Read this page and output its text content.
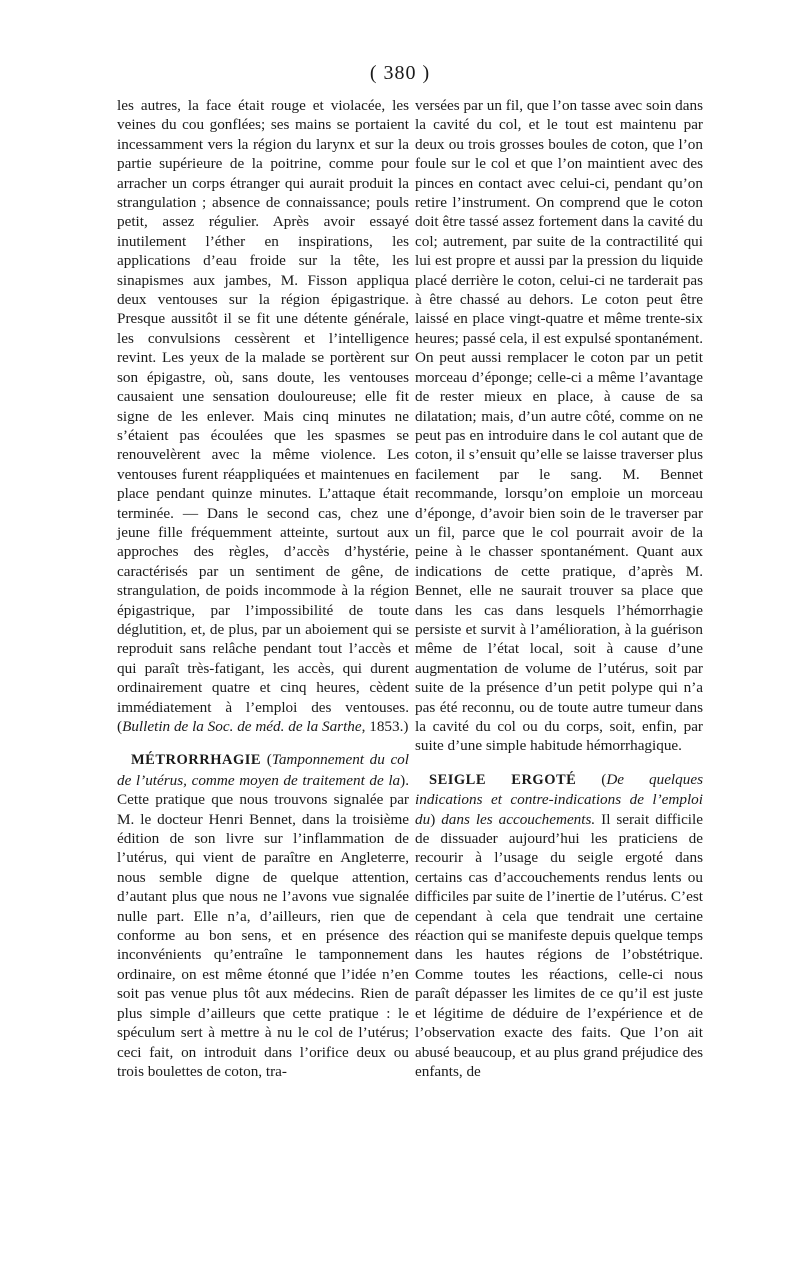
( 380 )

les autres, la face était rouge et violacée, les veines du cou gonflées; ses mains se portaient incessamment vers la région du larynx et sur la partie supérieure de la poitrine, comme pour arracher un corps étranger qui aurait produit la strangulation ; absence de connaissance; pouls petit, assez régulier. Après avoir essayé inutilement l’éther en inspirations, les applications d’eau froide sur la tête, les sinapismes aux jambes, M. Fisson appliqua deux ventouses sur la région épigastrique. Presque aussitôt il se fit une détente générale, les convulsions cessèrent et l’intelligence revint. Les yeux de la malade se portèrent sur son épigastre, où, sans doute, les ventouses causaient une sensation douloureuse; elle fit signe de les enlever. Mais cinq minutes ne s’étaient pas écoulées que les spasmes se renouvelèrent avec la même violence. Les ventouses furent réappliquées et maintenues en place pendant quinze minutes. L’attaque était terminée. — Dans le second cas, chez une jeune fille fréquemment atteinte, surtout aux approches des règles, d’accès d’hystérie, caractérisés par un sentiment de gêne, de strangulation, de poids incommode à la région épigastrique, par l’impossibilité de toute déglutition, et, de plus, par un aboiement qui se reproduit sans relâche pendant tout l’accès et qui paraît très-fatigant, les accès, qui durent ordinairement quatre et cinq heures, cèdent immédiatement à l’emploi des ventouses. (Bulletin de la Soc. de méd. de la Sarthe, 1853.)

MÉTRORRHAGIE (Tamponnement du col de l’utérus, comme moyen de traitement de la). Cette pratique que nous trouvons signalée par M. le docteur Henri Bennet, dans la troisième édition de son livre sur l’inflammation de l’utérus, qui vient de paraître en Angleterre, nous semble digne de quelque attention, d’autant plus que nous ne l’avons vue signalée nulle part. Elle n’a, d’ailleurs, rien que de conforme au bon sens, et en présence des inconvénients qu’entraîne le tamponnement ordinaire, on est même étonné que l’idée n’en soit pas venue plus tôt aux médecins. Rien de plus simple d’ailleurs que cette pratique : le spéculum sert à mettre à nu le col de l’utérus; ceci fait, on introduit dans l’orifice deux ou trois boulettes de coton, tra-

versées par un fil, que l’on tasse avec soin dans la cavité du col, et le tout est maintenu par deux ou trois grosses boules de coton, que l’on foule sur le col et que l’on maintient avec des pinces en contact avec celui-ci, pendant qu’on retire l’instrument. On comprend que le coton doit être tassé assez fortement dans la cavité du col; autrement, par suite de la contractilité qui lui est propre et aussi par la pression du liquide placé derrière le coton, celui-ci ne tarderait pas à être chassé au dehors. Le coton peut être laissé en place vingt-quatre et même trente-six heures; passé cela, il est expulsé spontanément. On peut aussi remplacer le coton par un petit morceau d’éponge; celle-ci a même l’avantage de rester mieux en place, à cause de sa dilatation; mais, d’un autre côté, comme on ne peut pas en introduire dans le col autant que de coton, il s’ensuit qu’elle se laisse traverser plus facilement par le sang. M. Bennet recommande, lorsqu’on emploie un morceau d’éponge, d’avoir bien soin de le traverser par un fil, parce que le col pourrait avoir de la peine à le chasser spontanément. Quant aux indications de cette pratique, d’après M. Bennet, elle ne saurait trouver sa place que dans les cas dans lesquels l’hémorrhagie persiste et survit à l’amélioration, à la guérison même de l’état local, soit à cause d’une augmentation de volume de l’utérus, soit par suite de la présence d’un petit polype qui n’a pas été reconnu, ou de toute autre tumeur dans la cavité du col ou du corps, soit, enfin, par suite d’une simple habitude hémorrhagique.

SEIGLE ERGOTÉ (De quelques indications et contre-indications de l’emploi du) dans les accouchements. Il serait difficile de dissuader aujourd’hui les praticiens de recourir à l’usage du seigle ergoté dans certains cas d’accouchements rendus lents ou difficiles par suite de l’inertie de l’utérus. C’est cependant à cela que tendrait une certaine réaction qui se manifeste depuis quelque temps dans les hautes régions de l’obstétrique. Comme toutes les réactions, celle-ci nous paraît dépasser les limites de ce qu’il est juste et légitime de déduire de l’expérience et de l’observation exacte des faits. Que l’on ait abusé beaucoup, et au plus grand préjudice des enfants, de
